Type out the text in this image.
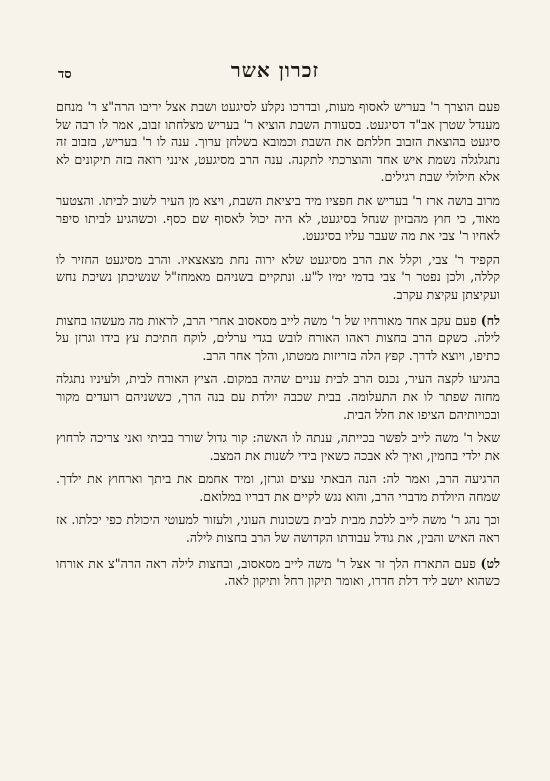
זכרון אשר
סד

פעם הוצרך ר' בעריש לאסוף מעות, ובדרכו נקלע לסיגעט ושבת אצל יריבו הרה"צ ר' מנחם מענדל שטרן אב"ד דסיגעט. בסעודת השבת הוציא ר' בעריש מצלחתו זבוב, אמר לו רבה של סיגעט בהוצאת הזבוב חללתם את השבת וכמובא בשלחן ערוך. ענה לו ר' בעריש, בזבוב זה נתגלגלה נשמת איש אחד והוצרכתי לתקנה. ענה הרב מסיגעט, אינני רואה בזה תיקונים לא אלא חילולי שבת רגילים.

מרוב בושה ארז ר' בעריש את חפציו מיד ביציאת השבת, ויצא מן העיר לשוב לביתו. והצטער מאוד, כי חוץ מהבזיון שנחל בסיגעט, לא היה יכול לאסוף שם כסף. וכשהגיע לביתו סיפר לאחיו ר' צבי את מה שעבר עליו בסיגעט.

הקפיד ר' צבי, וקלל את הרב מסיגעט שלא ירוה נחת מצאצאיו. והרב מסיגעט החזיר לו קללה, ולכן נפטר ר' צבי בדמי ימיו ל"ע. ונתקיים בשניהם מאמחז"ל שנשיכתן נשיכת נחש ועקיצתן עקיצת עקרב.

לח) פעם עקב אחד מאורחיו של ר' משה לייב מסאסוב אחרי הרב, לראות מה מעשהו בחצות לילה. כשקם הרב בחצות ראהו האורח לובש בגדי ערלים, לוקח חתיכת עץ בידו וגרזן על כתיפו, ויוצא לדרך. קפץ הלה בזריזות ממטתו, והלך אחר הרב.

בהגיעו לקצה העיר, נכנס הרב לבית עניים שהיה במקום. הציץ האורח לבית, ולעיניו נתגלה מחזה שפתר לו את התעלומה. בבית שכבה יולדת עם בנה הרך, כששניהם רועדים מקור ובכויותיהם הציפו את חלל הבית.

שאל ר' משה לייב לפשר בכייתה, ענתה לו האשה: קור גדול שורר בביתי ואני צריכה לרחוץ את ילדי בחמין, ואיך לא אבכה כשאין בידי לשנות את המצב.

הרגיעה הרב, ואמר לה: הנה הבאתי עצים וגרזן, ומיד אחמם את ביתך וארחוץ את ילדך. שמחה היולדת מדברי הרב, והוא נגש לקיים את דבריו במלואם.

וכך נהג ר' משה לייב ללכת מבית לבית בשכונות העוני, ולעזור למעוטי היכולת כפי יכלתו. אז ראה האיש והבין, את גודל עבודתו הקדושה של הרב בחצות לילה.

לט) פעם התארח הלך זר אצל ר' משה לייב מסאסוב, ובחצות לילה ראה הרה"צ את אורחו כשהוא יושב ליד דלת חדרו, ואומר תיקון רחל ותיקון לאה.
